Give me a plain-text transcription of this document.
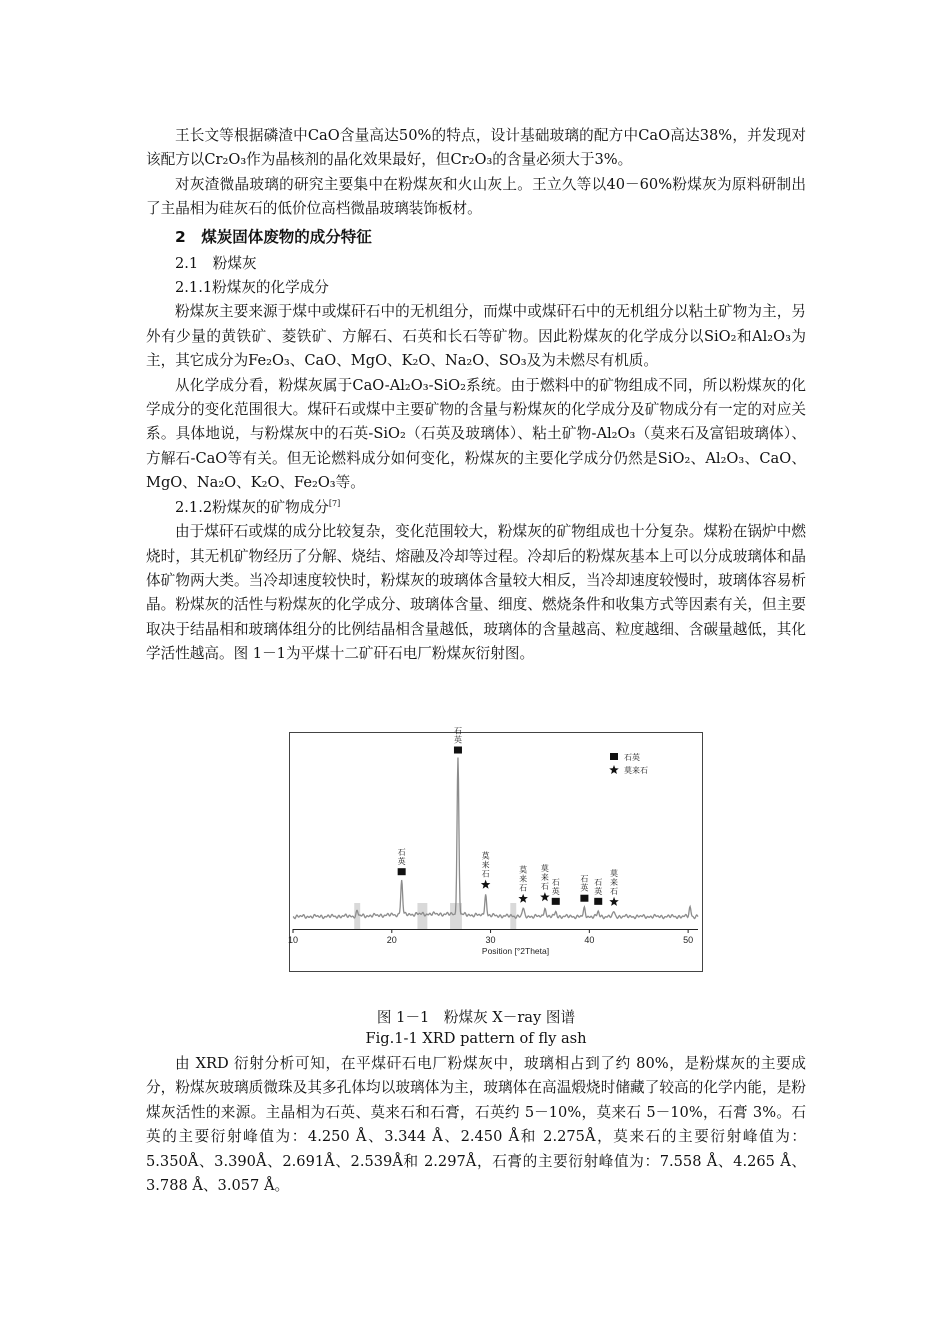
王长文等根据磷渣中CaO含量高达50%的特点，设计基础玻璃的配方中CaO高达38%，并发现对该配方以Cr₂O₃作为晶核剂的晶化效果最好，但Cr₂O₃的含量必须大于3%。

对灰渣微晶玻璃的研究主要集中在粉煤灰和火山灰上。王立久等以40－60%粉煤灰为原料研制出了主晶相为硅灰石的低价位高档微晶玻璃装饰板材。

2　煤炭固体废物的成分特征
2.1　粉煤灰
2.1.1粉煤灰的化学成分

粉煤灰主要来源于煤中或煤矸石中的无机组分，而煤中或煤矸石中的无机组分以粘土矿物为主，另外有少量的黄铁矿、菱铁矿、方解石、石英和长石等矿物。因此粉煤灰的化学成分以SiO₂和Al₂O₃为主，其它成分为Fe₂O₃、CaO、MgO、K₂O、Na₂O、SO₃及为未燃尽有机质。

从化学成分看，粉煤灰属于CaO-Al₂O₃-SiO₂系统。由于燃料中的矿物组成不同，所以粉煤灰的化学成分的变化范围很大。煤矸石或煤中主要矿物的含量与粉煤灰的化学成分及矿物成分有一定的对应关系。具体地说，与粉煤灰中的石英-SiO₂（石英及玻璃体）、粘土矿物-Al₂O₃（莫来石及富铝玻璃体）、方解石-CaO等有关。但无论燃料成分如何变化，粉煤灰的主要化学成分仍然是SiO₂、Al₂O₃、CaO、MgO、Na₂O、K₂O、Fe₂O₃等。

2.1.2粉煤灰的矿物成分[7]

由于煤矸石或煤的成分比较复杂，变化范围较大，粉煤灰的矿物组成也十分复杂。煤粉在锅炉中燃烧时，其无机矿物经历了分解、烧结、熔融及冷却等过程。冷却后的粉煤灰基本上可以分成玻璃体和晶体矿物两大类。当冷却速度较快时，粉煤灰的玻璃体含量较大相反，当冷却速度较慢时，玻璃体容易析晶。粉煤灰的活性与粉煤灰的化学成分、玻璃体含量、细度、燃烧条件和收集方式等因素有关，但主要取决于结晶相和玻璃体组分的比例结晶相含量越低，玻璃体的含量越高、粒度越细、含碳量越低，其化学活性越高。图 1－1为平煤十二矿矸石电厂粉煤灰衍射图。

10	20	30	40	50
Position [°2Theta]
石
英
石
英
莫
来
石	莫
来
石
莫
来
石 石
英
石
英
石
英
莫
来
石
石英
莫来石
图 1－1　粉煤灰 X－ray 图谱
Fig.1-1 XRD pattern of fly ash

由 XRD 衍射分析可知，在平煤矸石电厂粉煤灰中，玻璃相占到了约 80%，是粉煤灰的主要成分，粉煤灰玻璃质微珠及其多孔体均以玻璃体为主，玻璃体在高温煅烧时储藏了较高的化学内能，是粉煤灰活性的来源。主晶相为石英、莫来石和石膏，石英约 5－10%，莫来石 5－10%，石膏 3%。石英的主要衍射峰值为：4.250 Å、3.344 Å、2.450 Å和 2.275Å，莫来石的主要衍射峰值为：5.350Å、3.390Å、2.691Å、2.539Å和 2.297Å，石膏的主要衍射峰值为：7.558 Å、4.265 Å、3.788 Å、3.057 Å。
